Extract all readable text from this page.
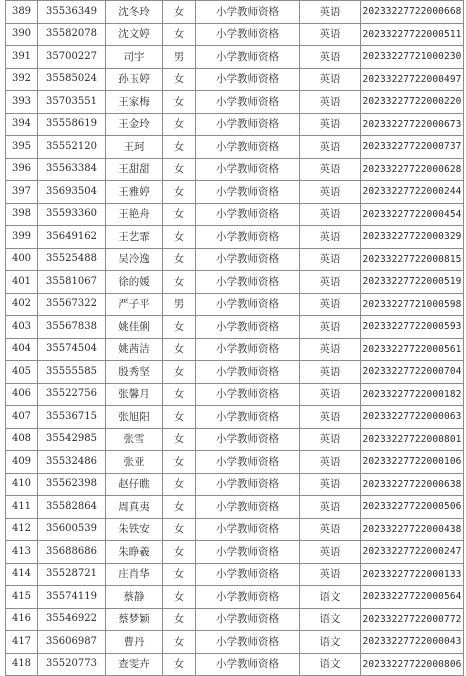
389	35536349	沈冬玲	女	小学教师资格	英语	20233227722000668
390	35582078	沈文婷	女	小学教师资格	英语	20233227722000511
391	35700227	司宇	男	小学教师资格	英语	20233227721000230
392	35585024	孙玉婷	女	小学教师资格	英语	20233227722000497
393	35703551	王家梅	女	小学教师资格	英语	20233227722000220
394	35558619	王金玲	女	小学教师资格	英语	20233227722000673
395	35552120	王珂	女	小学教师资格	英语	20233227722000737
396	35563384	王甜甜	女	小学教师资格	英语	20233227722000628
397	35693504	王雅婷	女	小学教师资格	英语	20233227722000244
398	35593360	王艳舟	女	小学教师资格	英语	20233227722000454
399	35649162	王艺霏	女	小学教师资格	英语	20233227722000329
400	35525488	吴冷逸	女	小学教师资格	英语	20233227722000815
401	35581067	徐的媛	女	小学教师资格	英语	20233227722000519
402	35567322	严子平	男	小学教师资格	英语	20233227721000598
403	35567838	姚佳俐	女	小学教师资格	英语	20233227722000593
404	35574504	姚茜洁	女	小学教师资格	英语	20233227722000561
405	35555585	殷秀坚	女	小学教师资格	英语	20233227722000704
406	35522756	张馨月	女	小学教师资格	英语	20233227722000182
407	35536715	张旭阳	女	小学教师资格	英语	20233227722000063
408	35542985	张雪	女	小学教师资格	英语	20233227722000801
409	35532486	张亚	女	小学教师资格	英语	20233227722000106
410	35562398	赵仔瞧	女	小学教师资格	英语	20233227722000638
411	35582864	周真夷	女	小学教师资格	英语	20233227722000506
412	35600539	朱铁安	女	小学教师资格	英语	20233227722000438
413	35688686	朱睁羲	女	小学教师资格	英语	20233227722000247
414	35528721	庄肖华	女	小学教师资格	英语	20233227722000133
415	35574119	蔡静	女	小学教师资格	语文	20233227722000564
416	35546922	蔡梦颖	女	小学教师资格	语文	20233227722000772
417	35606987	曹丹	女	小学教师资格	语文	20233227722000043
418	35520773	查雯卉	女	小学教师资格	语文	20233227722000806
